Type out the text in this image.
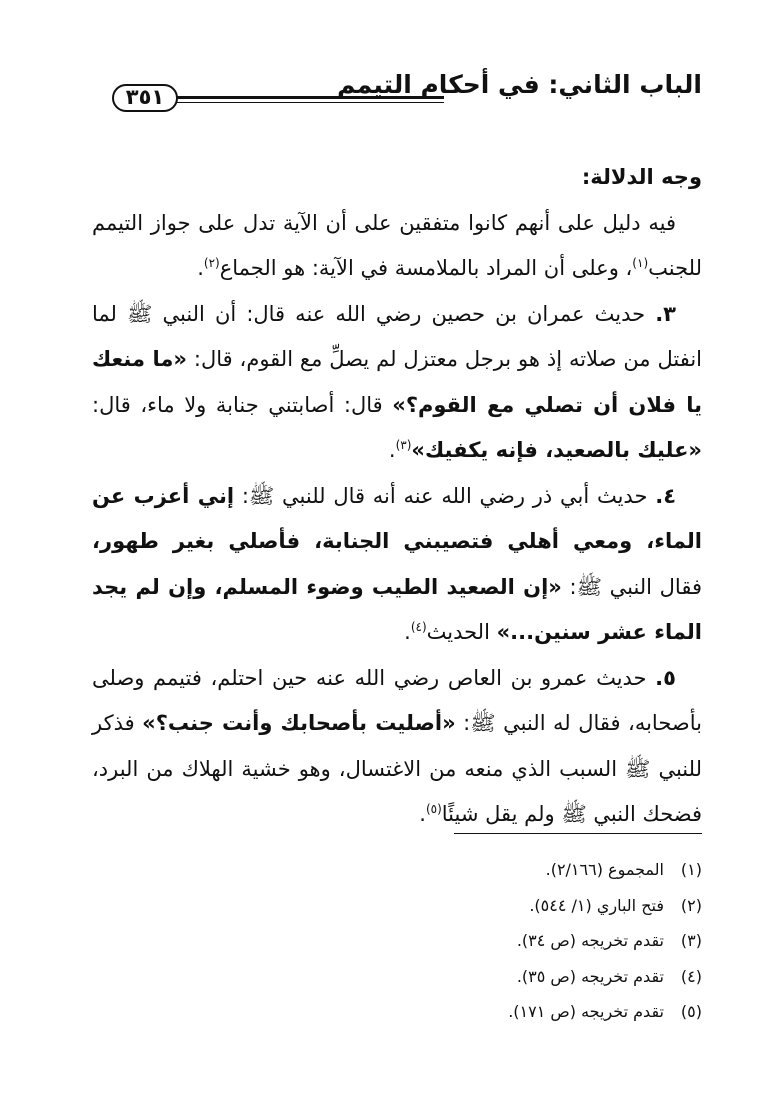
الباب الثاني: في أحكام التيمم
٣٥١

وجه الدلالة:

فيه دليل على أنهم كانوا متفقين على أن الآية تدل على جواز التيمم للجنب$^{(١)}$، وعلى أن المراد بالملامسة في الآية: هو الجماع$^{(٢)}$.

٣. حديث عمران بن حصين رضي الله عنه قال: أن النبي ﷺ لما انفتل من صلاته إذ هو برجل معتزل لم يصلِّ مع القوم، قال: «ما منعك يا فلان أن تصلي مع القوم؟» قال: أصابتني جنابة ولا ماء، قال: «عليك بالصعيد، فإنه يكفيك»$^{(٣)}$.

٤. حديث أبي ذر رضي الله عنه أنه قال للنبي ﷺ: إني أعزب عن الماء، ومعي أهلي فتصيبني الجنابة، فأصلي بغير طهور، فقال النبي ﷺ: «إن الصعيد الطيب وضوء المسلم، وإن لم يجد الماء عشر سنين...» الحديث$^{(٤)}$.

٥. حديث عمرو بن العاص رضي الله عنه حين احتلم، فتيمم وصلى بأصحابه، فقال له النبي ﷺ: «أصليت بأصحابك وأنت جنب؟» فذكر للنبي ﷺ السبب الذي منعه من الاغتسال، وهو خشية الهلاك من البرد، فضحك النبي ﷺ ولم يقل شيئًا$^{(٥)}$.

(١)المجموع (٢/١٦٦).
(٢)فتح الباري (١/ ٥٤٤).
(٣)تقدم تخريجه (ص ٣٤).
(٤)تقدم تخريجه (ص ٣٥).
(٥)تقدم تخريجه (ص ١٧١).
